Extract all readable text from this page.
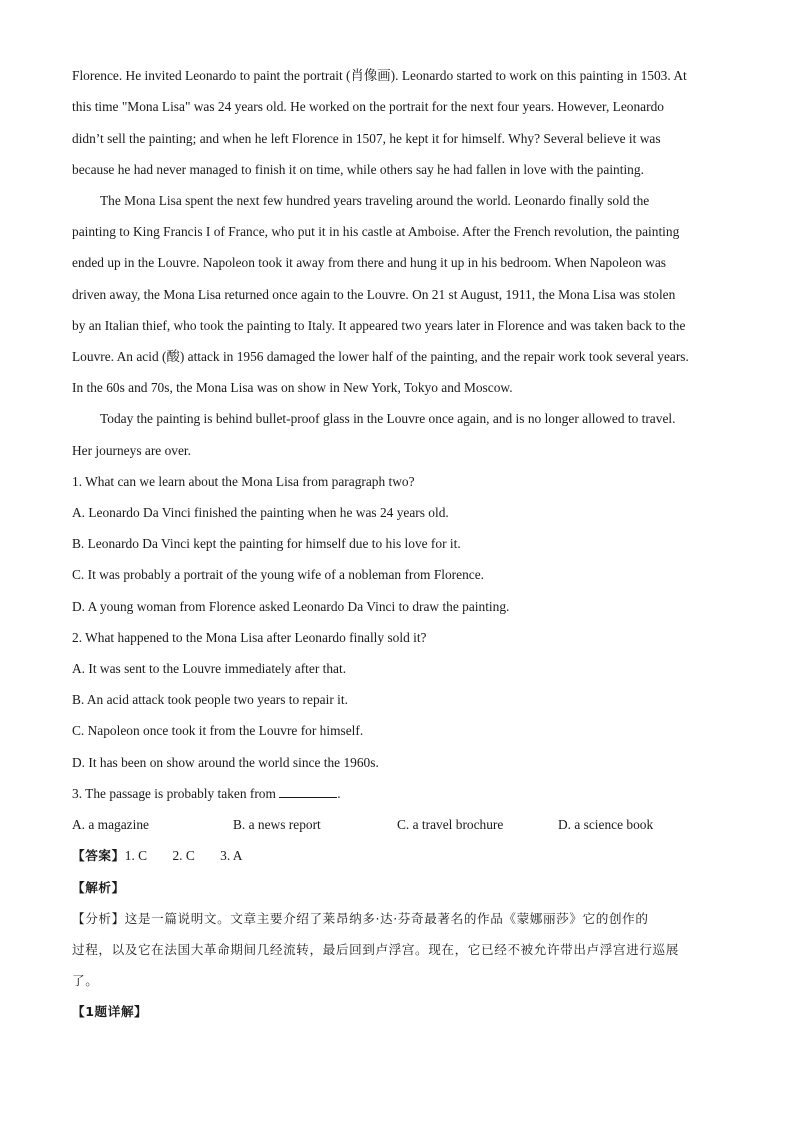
Florence. He invited Leonardo to paint the portrait (肖像画). Leonardo started to work on this painting in 1503. At
this time "Mona Lisa" was 24 years old. He worked on the portrait for the next four years. However, Leonardo
didn’t sell the painting; and when he left Florence in 1507, he kept it for himself. Why? Several believe it was
because he had never managed to finish it on time, while others say he had fallen in love with the painting.
The Mona Lisa spent the next few hundred years traveling around the world. Leonardo finally sold the
painting to King Francis I of France, who put it in his castle at Amboise. After the French revolution, the painting
ended up in the Louvre. Napoleon took it away from there and hung it up in his bedroom. When Napoleon was
driven away, the Mona Lisa returned once again to the Louvre. On 21 st August, 1911, the Mona Lisa was stolen
by an Italian thief, who took the painting to Italy. It appeared two years later in Florence and was taken back to the
Louvre. An acid (酸) attack in 1956 damaged the lower half of the painting, and the repair work took several years.
In the 60s and 70s, the Mona Lisa was on show in New York, Tokyo and Moscow.
Today the painting is behind bullet-proof glass in the Louvre once again, and is no longer allowed to travel.
Her journeys are over.
1. What can we learn about the Mona Lisa from paragraph two?
A. Leonardo Da Vinci finished the painting when he was 24 years old.
B. Leonardo Da Vinci kept the painting for himself due to his love for it.
C. It was probably a portrait of the young wife of a nobleman from Florence.
D. A young woman from Florence asked Leonardo Da Vinci to draw the painting.
2. What happened to the Mona Lisa after Leonardo finally sold it?
A. It was sent to the Louvre immediately after that.
B. An acid attack took people two years to repair it.
C. Napoleon once took it from the Louvre for himself.
D. It has been on show around the world since the 1960s.
3. The passage is probably taken from	.
A. a magazine	B. a news report	C. a travel brochure	D. a science book
【答案】1. C 2. C 3. A
【解析】
【分析】这是一篇说明文。文章主要介绍了莱昂纳多·达·芬奇最著名的作品《蒙娜丽莎》它的创作的
过程，以及它在法国大革命期间几经流转，最后回到卢浮宫。现在，它已经不被允许带出卢浮宫进行巡展
了。
【1题详解】
